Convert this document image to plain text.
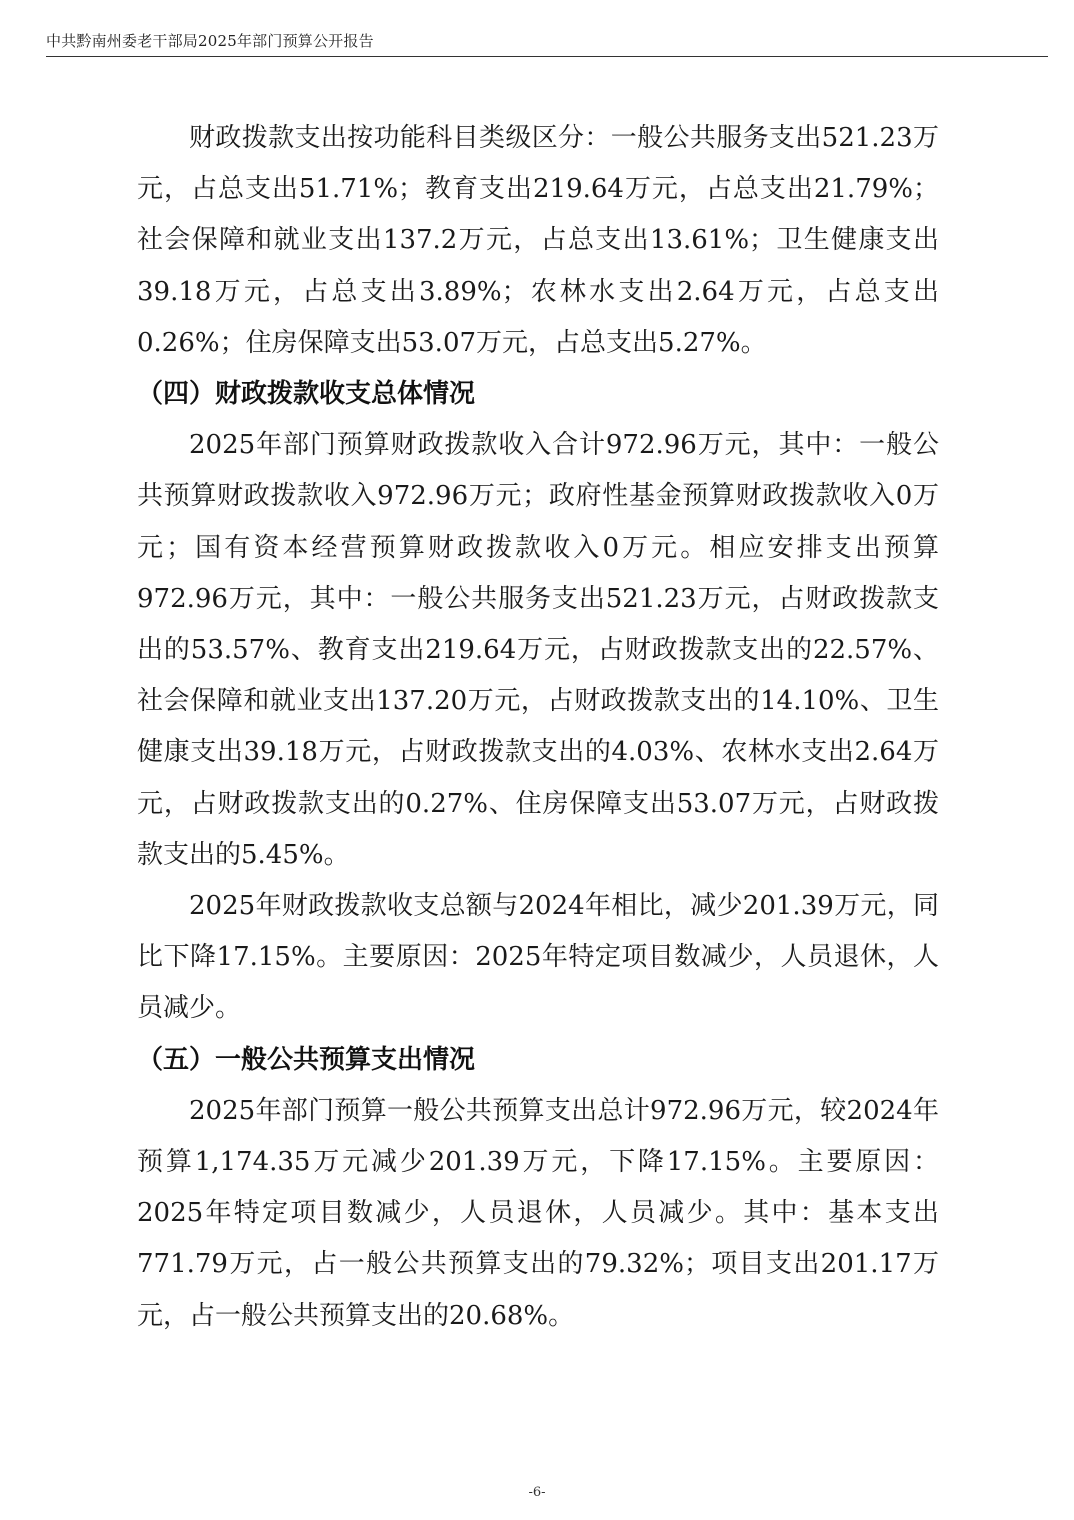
中共黔南州委老干部局2025年部门预算公开报告

财政拨款支出按功能科目类级区分：一般公共服务支出521.23万元，占总支出51.71%；教育支出219.64万元，占总支出21.79%；社会保障和就业支出137.2万元，占总支出13.61%；卫生健康支出39.18万元，占总支出3.89%；农林水支出2.64万元，占总支出0.26%；住房保障支出53.07万元，占总支出5.27%。

（四）财政拨款收支总体情况

2025年部门预算财政拨款收入合计972.96万元，其中：一般公共预算财政拨款收入972.96万元；政府性基金预算财政拨款收入0万元；国有资本经营预算财政拨款收入0万元。相应安排支出预算972.96万元，其中：一般公共服务支出521.23万元，占财政拨款支出的53.57%、教育支出219.64万元，占财政拨款支出的22.57%、社会保障和就业支出137.20万元，占财政拨款支出的14.10%、卫生健康支出39.18万元，占财政拨款支出的4.03%、农林水支出2.64万元，占财政拨款支出的0.27%、住房保障支出53.07万元，占财政拨款支出的5.45%。

2025年财政拨款收支总额与2024年相比，减少201.39万元，同比下降17.15%。主要原因：2025年特定项目数减少，人员退休，人员减少。

（五）一般公共预算支出情况

2025年部门预算一般公共预算支出总计972.96万元，较2024年预算1,174.35万元减少201.39万元，下降17.15%。主要原因：2025年特定项目数减少，人员退休，人员减少。其中：基本支出771.79万元，占一般公共预算支出的79.32%；项目支出201.17万元，占一般公共预算支出的20.68%。

-6-
